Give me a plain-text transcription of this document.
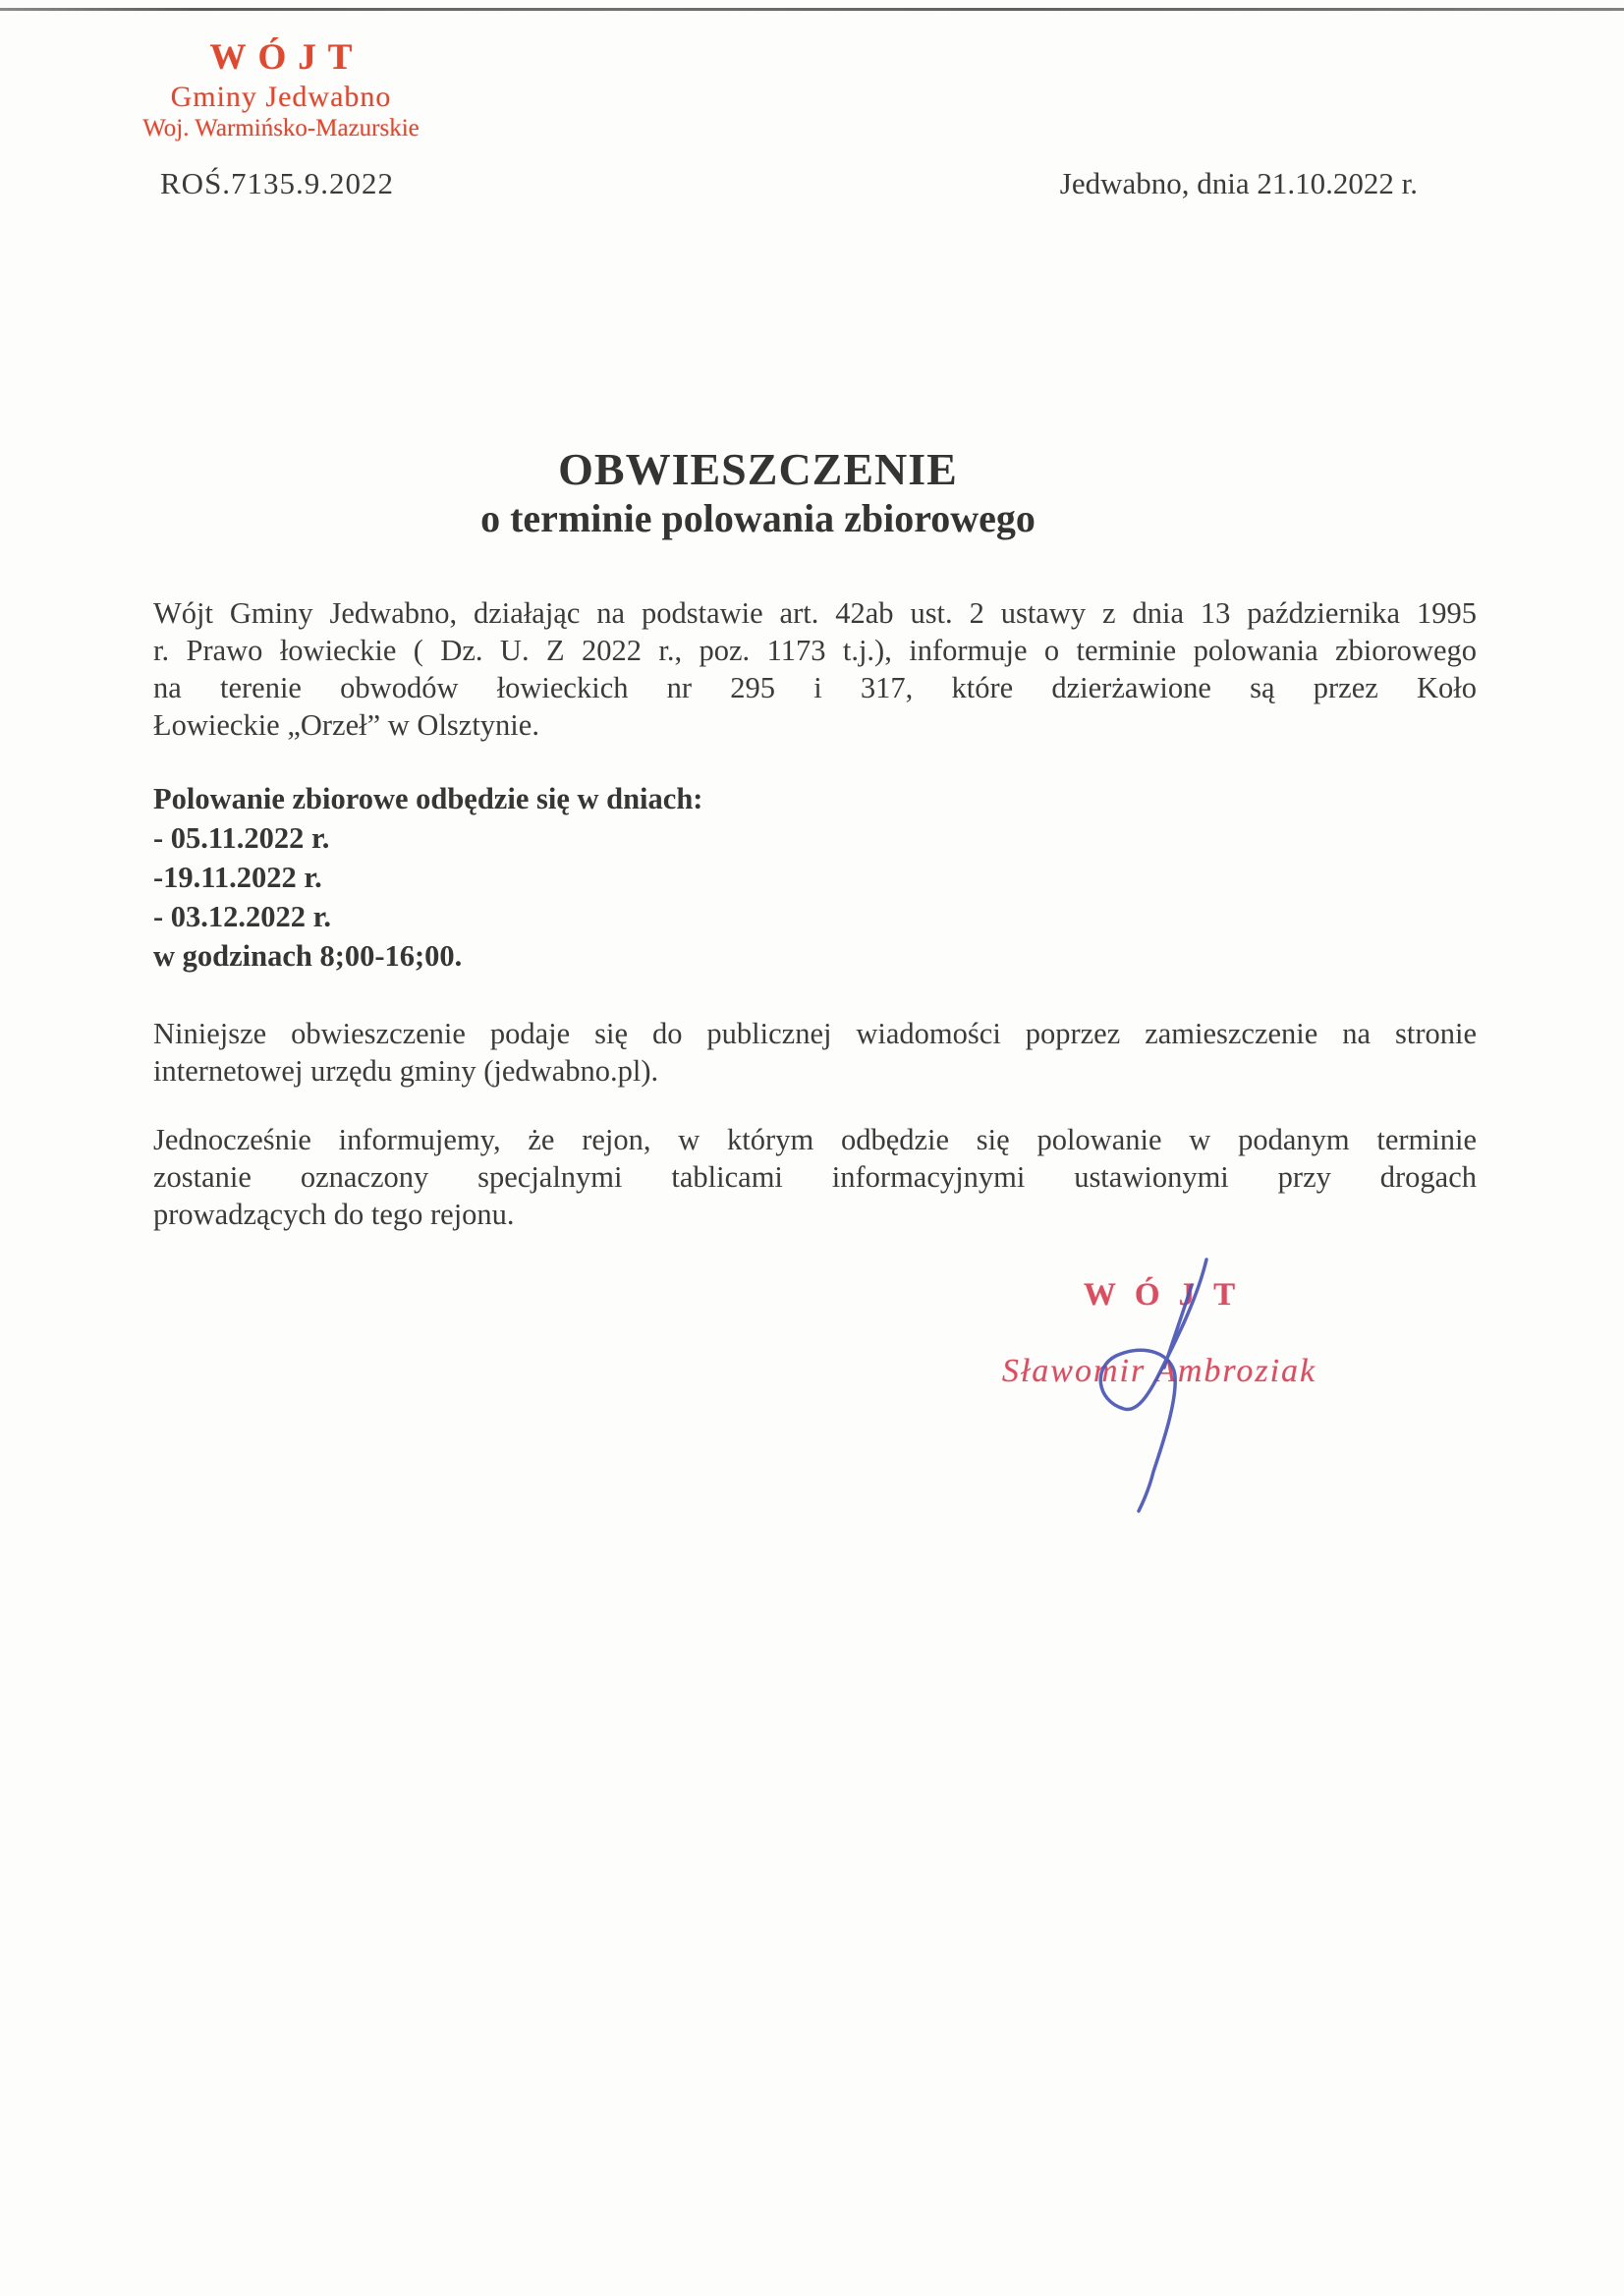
WÓJT
Gminy Jedwabno
Woj. Warmińsko-Mazurskie
ROŚ.7135.9.2022	Jedwabno, dnia 21.10.2022 r.
OBWIESZCZENIE
o terminie polowania zbiorowego
Wójt Gminy Jedwabno, działając na podstawie art. 42ab ust. 2 ustawy z dnia 13 października 1995
r. Prawo łowieckie ( Dz. U. Z 2022 r., poz. 1173 t.j.), informuje o terminie polowania zbiorowego
na terenie obwodów łowieckich nr 295 i 317, które dzierżawione są przez Koło
Łowieckie „Orzeł” w Olsztynie.
Polowanie zbiorowe odbędzie się w dniach:
- 05.11.2022 r.
-19.11.2022 r.
- 03.12.2022 r.
w godzinach 8;00-16;00.
Niniejsze obwieszczenie podaje się do publicznej wiadomości poprzez zamieszczenie na stronie
internetowej urzędu gminy (jedwabno.pl).
Jednocześnie informujemy, że rejon, w którym odbędzie się polowanie w podanym terminie
zostanie oznaczony specjalnymi tablicami informacyjnymi ustawionymi przy drogach
prowadzących do tego rejonu.
WÓJT
Sławomir Ambroziak
